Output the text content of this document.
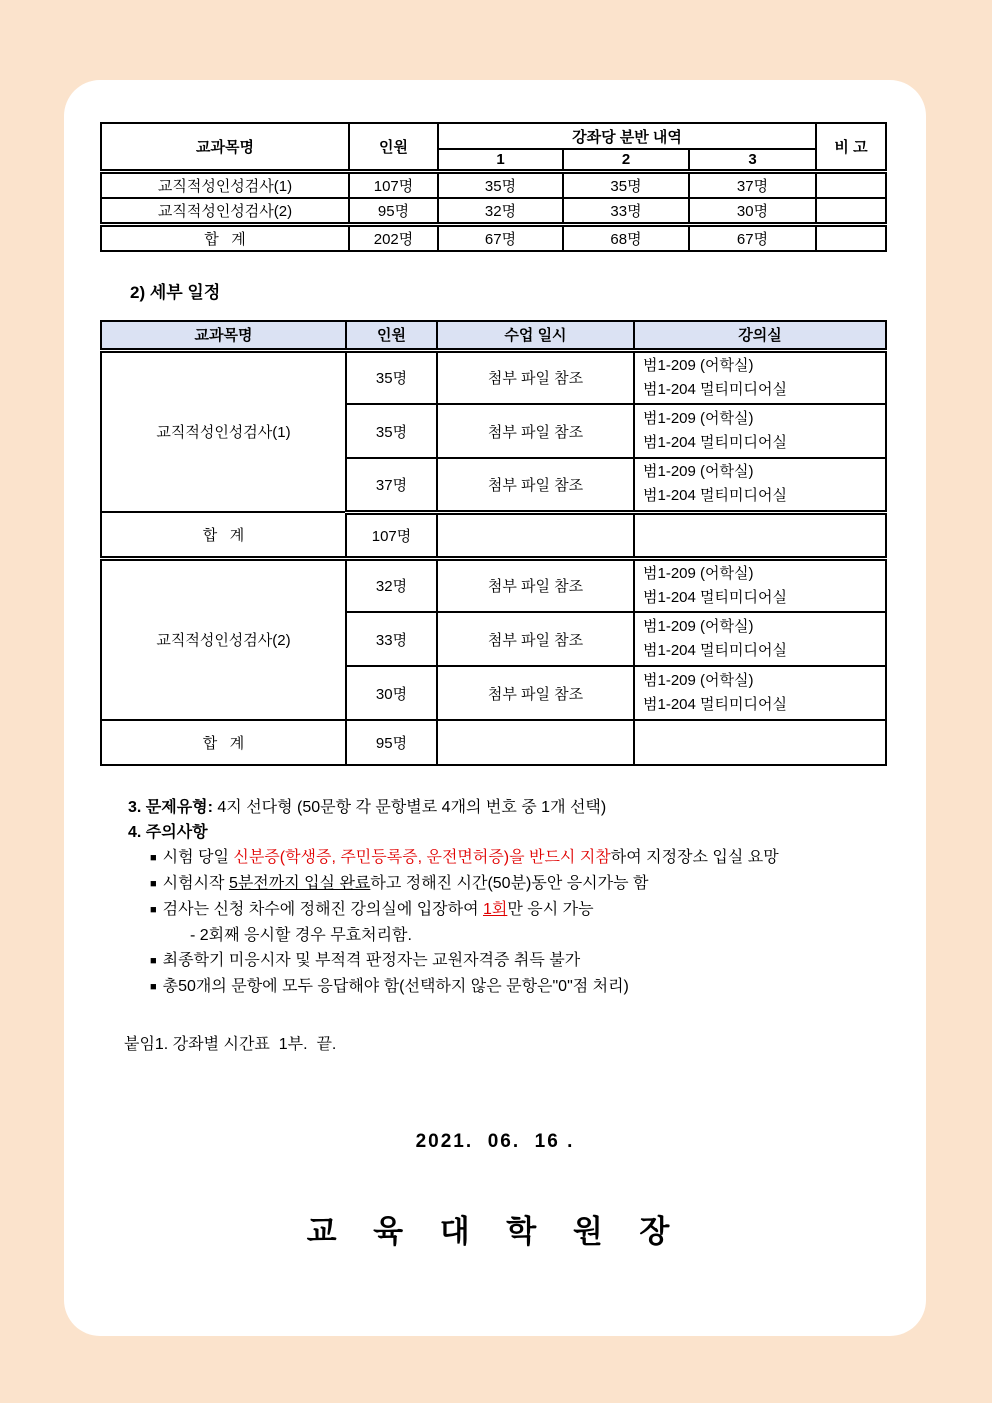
교과목명	인원	강좌당 분반 내역			비 고
		1	2	3	
교직적성인성검사(1)	107명	35명	35명	37명	
교직적성인성검사(2)	95명	32명	33명	30명	
합   계	202명	67명	68명	67명	
2) 세부 일정
교과목명	인원	수업 일시	강의실
교직적성인성검사(1)	35명	첨부 파일 참조	범1-209 (어학실)
범1-204 멀티미디어실

	35명	첨부 파일 참조	범1-209 (어학실)
범1-204 멀티미디어실

	37명	첨부 파일 참조	범1-209 (어학실)
범1-204 멀티미디어실

합   계	107명		
교직적성인성검사(2)	32명	첨부 파일 참조	범1-209 (어학실)
범1-204 멀티미디어실

	33명	첨부 파일 참조	범1-209 (어학실)
범1-204 멀티미디어실

	30명	첨부 파일 참조	범1-209 (어학실)
범1-204 멀티미디어실

합   계	95명		
3. 문제유형: 4지 선다형 (50문항 각 문항별로 4개의 번호 중 1개 선택)
4. 주의사항
■ 시험 당일 신분증(학생증, 주민등록증, 운전면허증)을 반드시 지참하여 지정장소 입실 요망
■ 시험시작 5분전까지 입실 완료하고 정해진 시간(50분)동안 응시가능 함
■ 검사는 신청 차수에 정해진 강의실에 입장하여 1회만 응시 가능
- 2회째 응시할 경우 무효처리함.
■ 최종학기 미응시자 및 부적격 판정자는 교원자격증 취득 불가
■ 총50개의 문항에 모두 응답해야 함(선택하지 않은 문항은"0"점 처리)
붙임1. 강좌별 시간표  1부.  끝.
2021.  06.  16 .
교 육 대 학 원 장
